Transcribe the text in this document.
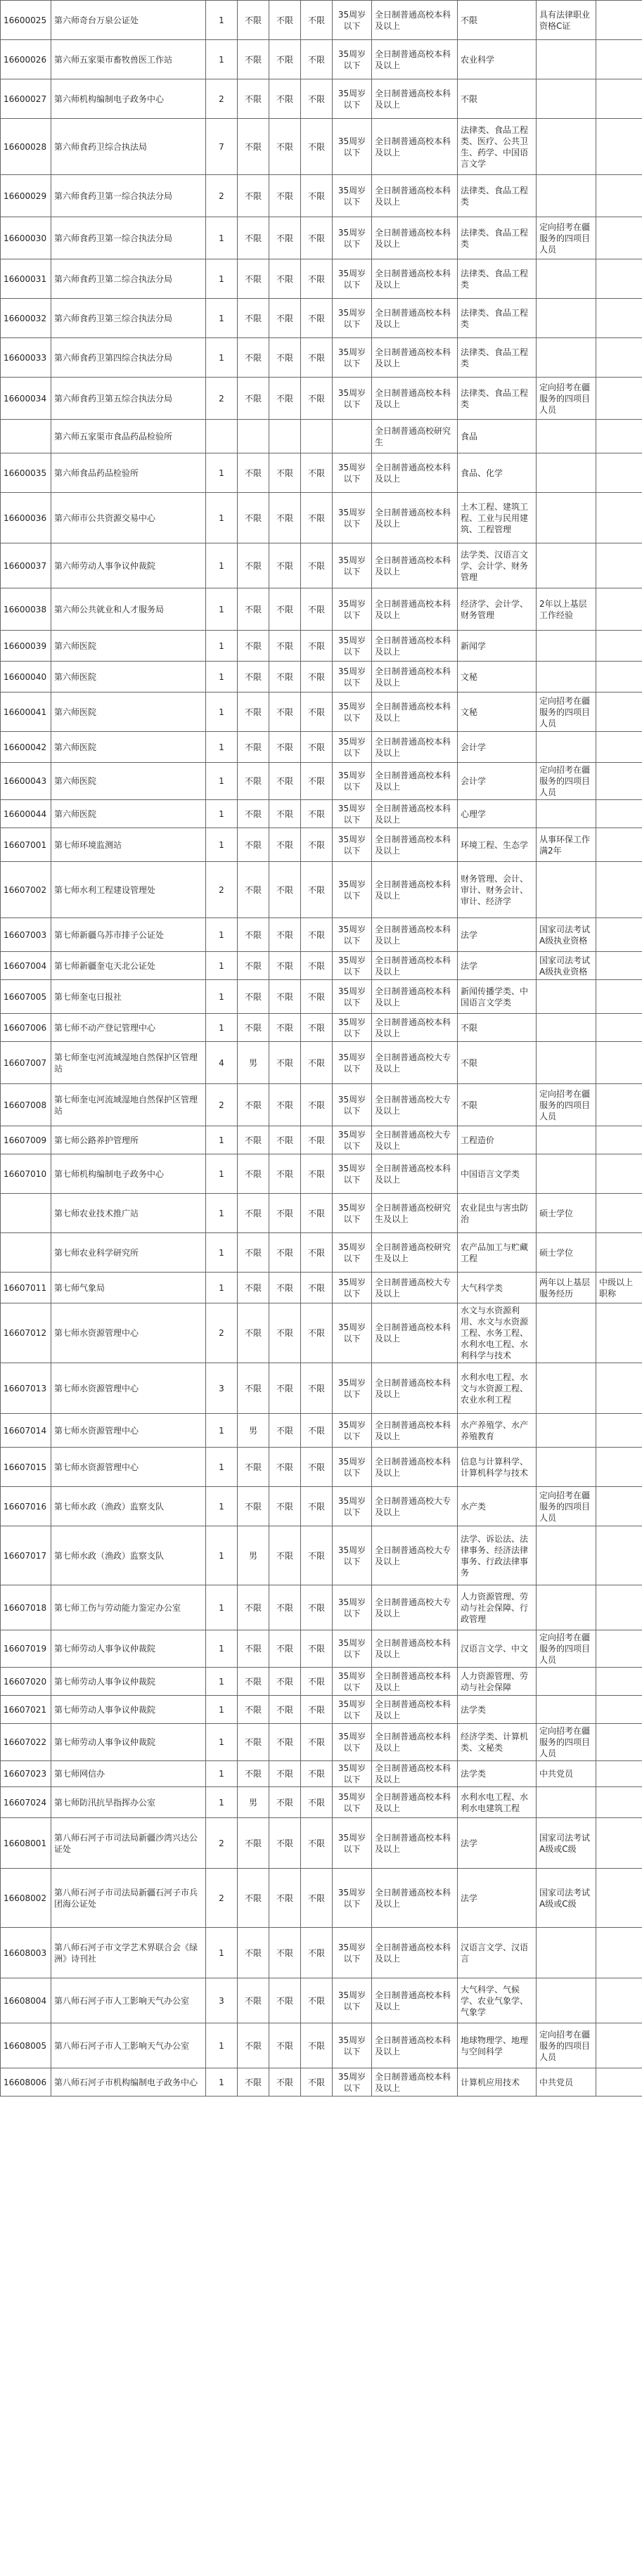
16600025	第六师奇台万泉公证处	1	不限	不限	不限	35周岁以下	全日制普通高校本科及以上	不限	具有法律职业资格C证	
16600026	第六师五家渠市畜牧兽医工作站	1	不限	不限	不限	35周岁以下	全日制普通高校本科及以上	农业科学		
16600027	第六师机构编制电子政务中心	2	不限	不限	不限	35周岁以下	全日制普通高校本科及以上	不限		
16600028	第六师食药卫综合执法局	7	不限	不限	不限	35周岁以下	全日制普通高校本科及以上	法律类、食品工程类、医疗、公共卫生、药学、中国语言文学		
16600029	第六师食药卫第一综合执法分局	2	不限	不限	不限	35周岁以下	全日制普通高校本科及以上	法律类、食品工程类		
16600030	第六师食药卫第一综合执法分局	1	不限	不限	不限	35周岁以下	全日制普通高校本科及以上	法律类、食品工程类	定向招考在疆服务的四项目人员	
16600031	第六师食药卫第二综合执法分局	1	不限	不限	不限	35周岁以下	全日制普通高校本科及以上	法律类、食品工程类		
16600032	第六师食药卫第三综合执法分局	1	不限	不限	不限	35周岁以下	全日制普通高校本科及以上	法律类、食品工程类		
16600033	第六师食药卫第四综合执法分局	1	不限	不限	不限	35周岁以下	全日制普通高校本科及以上	法律类、食品工程类		
16600034	第六师食药卫第五综合执法分局	2	不限	不限	不限	35周岁以下	全日制普通高校本科及以上	法律类、食品工程类	定向招考在疆服务的四项目人员	
	第六师五家渠市食品药品检验所						全日制普通高校研究生	食品		
16600035	第六师食品药品检验所	1	不限	不限	不限	35周岁以下	全日制普通高校本科及以上	食品、化学		
16600036	第六师市公共资源交易中心	1	不限	不限	不限	35周岁以下	全日制普通高校本科及以上	土木工程、建筑工程、工业与民用建筑、工程管理		
16600037	第六师劳动人事争议仲裁院	1	不限	不限	不限	35周岁以下	全日制普通高校本科及以上	法学类、汉语言文学、会计学、财务管理		
16600038	第六师公共就业和人才服务局	1	不限	不限	不限	35周岁以下	全日制普通高校本科及以上	经济学、会计学、财务管理	2年以上基层工作经验	
16600039	第六师医院	1	不限	不限	不限	35周岁以下	全日制普通高校本科及以上	新闻学		
16600040	第六师医院	1	不限	不限	不限	35周岁以下	全日制普通高校本科及以上	文秘		
16600041	第六师医院	1	不限	不限	不限	35周岁以下	全日制普通高校本科及以上	文秘	定向招考在疆服务的四项目人员	
16600042	第六师医院	1	不限	不限	不限	35周岁以下	全日制普通高校本科及以上	会计学		
16600043	第六师医院	1	不限	不限	不限	35周岁以下	全日制普通高校本科及以上	会计学	定向招考在疆服务的四项目人员	
16600044	第六师医院	1	不限	不限	不限	35周岁以下	全日制普通高校本科及以上	心理学		
16607001	第七师环境监测站	1	不限	不限	不限	35周岁以下	全日制普通高校本科及以上	环境工程、生态学	从事环保工作满2年	
16607002	第七师水利工程建设管理处	2	不限	不限	不限	35周岁以下	全日制普通高校本科及以上	财务管理、会计、审计、财务会计、审计、经济学		
16607003	第七师新疆乌苏市排子公证处	1	不限	不限	不限	35周岁以下	全日制普通高校本科及以上	法学	国家司法考试A级执业资格	
16607004	第七师新疆奎屯天北公证处	1	不限	不限	不限	35周岁以下	全日制普通高校本科及以上	法学	国家司法考试A级执业资格	
16607005	第七师奎屯日报社	1	不限	不限	不限	35周岁以下	全日制普通高校本科及以上	新闻传播学类、中国语言文学类		
16607006	第七师不动产登记管理中心	1	不限	不限	不限	35周岁以下	全日制普通高校本科及以上	不限		
16607007	第七师奎屯河流域湿地自然保护区管理站	4	男	不限	不限	35周岁以下	全日制普通高校大专及以上	不限		
16607008	第七师奎屯河流域湿地自然保护区管理站	2	不限	不限	不限	35周岁以下	全日制普通高校大专及以上	不限	定向招考在疆服务的四项目人员	
16607009	第七师公路养护管理所	1	不限	不限	不限	35周岁以下	全日制普通高校大专及以上	工程造价		
16607010	第七师机构编制电子政务中心	1	不限	不限	不限	35周岁以下	全日制普通高校本科及以上	中国语言文学类		
	第七师农业技术推广站	1	不限	不限	不限	35周岁以下	全日制普通高校研究生及以上	农业昆虫与害虫防治	硕士学位	
	第七师农业科学研究所	1	不限	不限	不限	35周岁以下	全日制普通高校研究生及以上	农产品加工与贮藏工程	硕士学位	
16607011	第七师气象局	1	不限	不限	不限	35周岁以下	全日制普通高校大专及以上	大气科学类	两年以上基层服务经历	中级以上职称
16607012	第七师水资源管理中心	2	不限	不限	不限	35周岁以下	全日制普通高校本科及以上	水文与水资源利用、水文与水资源工程、水务工程、水利水电工程、水利科学与技术		
16607013	第七师水资源管理中心	3	不限	不限	不限	35周岁以下	全日制普通高校本科及以上	水利水电工程、水文与水资源工程、农业水利工程		
16607014	第七师水资源管理中心	1	男	不限	不限	35周岁以下	全日制普通高校本科及以上	水产养殖学、水产养殖教育		
16607015	第七师水资源管理中心	1	不限	不限	不限	35周岁以下	全日制普通高校本科及以上	信息与计算科学、计算机科学与技术		
16607016	第七师水政（渔政）监察支队	1	不限	不限	不限	35周岁以下	全日制普通高校大专及以上	水产类	定向招考在疆服务的四项目人员	
16607017	第七师水政（渔政）监察支队	1	男	不限	不限	35周岁以下	全日制普通高校大专及以上	法学、诉讼法、法律事务、经济法律事务、行政法律事务		
16607018	第七师工伤与劳动能力鉴定办公室	1	不限	不限	不限	35周岁以下	全日制普通高校大专及以上	人力资源管理、劳动与社会保障、行政管理		
16607019	第七师劳动人事争议仲裁院	1	不限	不限	不限	35周岁以下	全日制普通高校本科及以上	汉语言文学、中文	定向招考在疆服务的四项目人员	
16607020	第七师劳动人事争议仲裁院	1	不限	不限	不限	35周岁以下	全日制普通高校本科及以上	人力资源管理、劳动与社会保障		
16607021	第七师劳动人事争议仲裁院	1	不限	不限	不限	35周岁以下	全日制普通高校本科及以上	法学类		
16607022	第七师劳动人事争议仲裁院	1	不限	不限	不限	35周岁以下	全日制普通高校本科及以上	经济学类、计算机类、文秘类	定向招考在疆服务的四项目人员	
16607023	第七师网信办	1	不限	不限	不限	35周岁以下	全日制普通高校本科及以上	法学类	中共党员	
16607024	第七师防汛抗旱指挥办公室	1	男	不限	不限	35周岁以下	全日制普通高校本科及以上	水利水电工程、水利水电建筑工程		
16608001	第八师石河子市司法局新疆沙湾兴达公证处	2	不限	不限	不限	35周岁以下	全日制普通高校本科及以上	法学	国家司法考试A级或C级	
16608002	第八师石河子市司法局新疆石河子市兵团海公证处	2	不限	不限	不限	35周岁以下	全日制普通高校本科及以上	法学	国家司法考试A级或C级	
16608003	第八师石河子市文学艺术界联合会《绿洲》诗刊社	1	不限	不限	不限	35周岁以下	全日制普通高校本科及以上	汉语言文学、汉语言		
16608004	第八师石河子市人工影响天气办公室	3	不限	不限	不限	35周岁以下	全日制普通高校本科及以上	大气科学、气候学、农业气象学、气象学		
16608005	第八师石河子市人工影响天气办公室	1	不限	不限	不限	35周岁以下	全日制普通高校本科及以上	地球物理学、地理与空间科学	定向招考在疆服务的四项目人员	
16608006	第八师石河子市机构编制电子政务中心	1	不限	不限	不限	35周岁以下	全日制普通高校本科及以上	计算机应用技术	中共党员	
